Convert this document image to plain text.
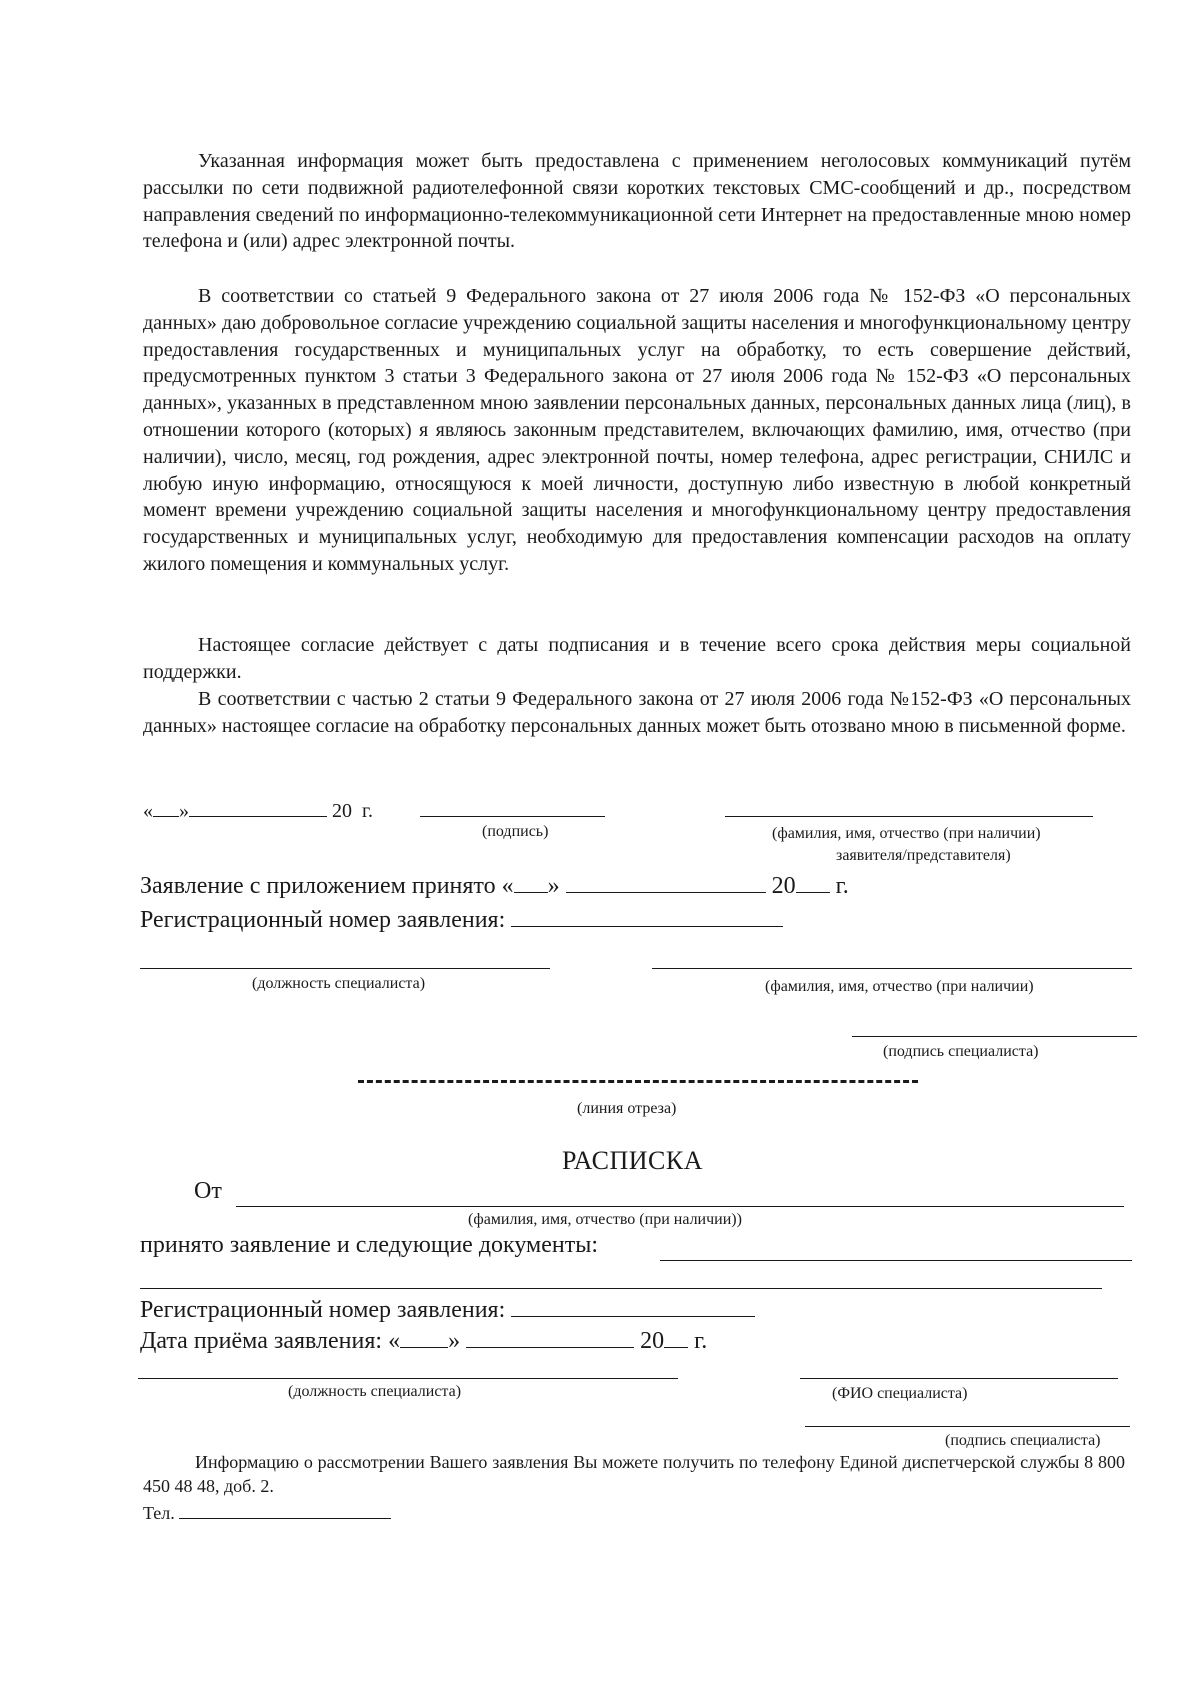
Указанная информация может быть предоставлена с применением неголосовых коммуникаций путём рассылки по сети подвижной радиотелефонной связи коротких текстовых СМС-сообщений и др., посредством направления сведений по информационно-телекоммуникационной сети Интернет на предоставленные мною номер телефона и (или) адрес электронной почты.

В соответствии со статьей 9 Федерального закона от 27 июля 2006 года № 152-ФЗ «О персональных данных» даю добровольное согласие учреждению социальной защиты населения и многофункциональному центру предоставления государственных и муниципальных услуг на обработку, то есть совершение действий, предусмотренных пунктом 3 статьи 3 Федерального закона от 27 июля 2006 года № 152-ФЗ «О персональных данных», указанных в представленном мною заявлении персональных данных, персональных данных лица (лиц), в отношении которого (которых) я являюсь законным представителем, включающих фамилию, имя, отчество (при наличии), число, месяц, год рождения, адрес электронной почты, номер телефона, адрес регистрации, СНИЛС и любую иную информацию, относящуюся к моей личности, доступную либо известную в любой конкретный момент времени учреждению социальной защиты населения и многофункциональному центру предоставления государственных и муниципальных услуг, необходимую для предоставления компенсации расходов на оплату жилого помещения и коммунальных услуг.

Настоящее согласие действует с даты подписания и в течение всего срока действия меры социальной поддержки.

В соответствии с частью 2 статьи 9 Федерального закона от 27 июля 2006 года №152-ФЗ «О персональных данных» настоящее согласие на обработку персональных данных может быть отозвано мною в письменной форме.

« »	20 г.
(подпись)	(фамилия, имя, отчество (при наличии)
заявителя/представителя)
Заявление с приложением принято « »	20 г.
Регистрационный номер заявления:
(должность специалиста)	(фамилия, имя, отчество (при наличии)
(подпись специалиста)
(линия отреза)
РАСПИСКА
От
(фамилия, имя, отчество (при наличии))
принято заявление и следующие документы:
Регистрационный номер заявления:
Дата приёма заявления: « »	20 г.
(должность специалиста)	(ФИО специалиста)
(подпись специалиста)

Информацию о рассмотрении Вашего заявления Вы можете получить по телефону Единой диспетчерской службы 8 800 450 48 48, доб. 2.

Тел.
